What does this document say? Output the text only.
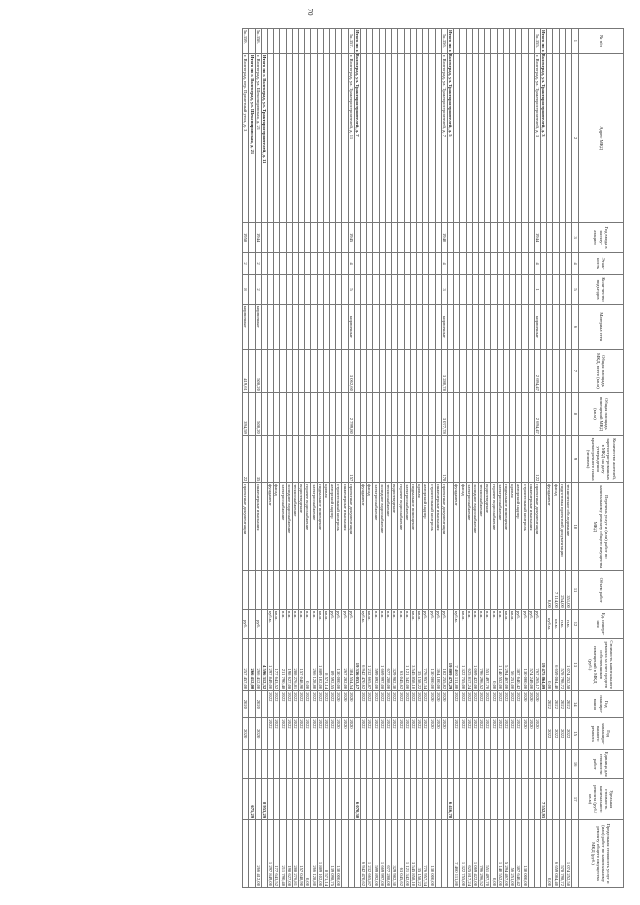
70
№ п/п	Адрес МКД	Год ввода в эксплу-атацию	Этаж-ность	Коли-чество подъездов	Материал стен	Общая площадь МКД, всего (кв.м)	Общая площадь помещений МКД (кв.м)	Количество жителей, зарегистри-рованных в МКД на дату утверждения краткосрочного плана (человек)	Перечень услуг и (или) работ по капитальному ремонту общего имущества МКД	Объем работ	Ед. измере-ния	Стоимость капитального ремонта за счет средств собственников помещений в МКД (руб.)	Год планиро-вания	Год запланиро-ванного ремонта	Единица для стоимости работ	Удельная стоимость капитального ремонта (руб./кв.м)	Предельная стоимость услуг и (или) работ по капитальному ремонту общего имущества МКД (руб.)
1	2	3	4	5	6	7	8	9	10	11	12	13	14	15	16	17	
									техническое обследование	351,00	п.м.	1 074 252,58	2022	2022			1 074 252,58
									подготовка проектной документации	254,00	п.м.	578 798,72	2022	2022			578 798,72
									фасад	7 114,00	кв.м.	6 659 084,40	2022	2022			6 659 084,40
									фундамент	0,00	куб.м.	0,00	2022	2022			0,00
Итого по г. Волгоград, ул. Тракторостроителей, д. 3												19 475 864,09				7 552,93	
5к.355.	г. Волгоград, ул. Тракторостроителей, д. 3	1944	4	1	кирпичные	2 694,47	2 694,47	122	проектные документации		руб.	767 265,17	2020	2020			
									инженерные изыскания		руб.	574 249,00	2020	2020			
									строительный контроль		руб.	130 000,00	2020	2020			130 000,00
									авторский надзор		руб.	387 640,42	2022	2022			387 640,42
									кровля		кв.м.	56 251,00	2022	2022			56 251,00
									подвальное помещение		кв.м.	5 294 467,00	2022	2022			5 294 467,00
									электроснабжение		п.м.	1 140 552,00	2022	2022			1 140 552,00
									горячее водоснабжение		п.м.	0,00	2022	2022			0,00
									водоотведение		п.м.	551 497,70	2022	2022			551 497,70
									теплоснабжение		п.м.	796 296,52	2022	2022			796 296,52
									холодное водоснабжение		п.м.	1 069 422,00	2022	2022			1 069 422,00
									электроснабжение		п.м.	625 817,24	2022	2022			625 817,24
									фасад		кв.м.	1 322 755,00	2022	2022			1 322 755,00
									фундамент		куб.м.	7 460 111,80	2022	2022			7 460 111,80
Итого по г. Волгоград, ул. Тракторостроителей, д. 5												19 809 473,29				6 416,78	
5к.356.	г. Волгоград, ул. Тракторостроителей, д. 7	1940	4	3	кирпичные	3 280,78	3 077,78	178	проектные документации		руб.	182 255,82	2020	2020			
									инженерные изыскания		руб.	364 100,00	2020	2020			
									строительный контроль		руб.	130 000,00	2020	2020			130 000,00
									авторский надзор		руб.	776 957,34	2022	2022			776 957,34
									кровля		кв.м.	35 158,22	2022	2022			35 158,22
									подвальное помещение		кв.м.	3 545 858,10	2022	2022			3 545 858,10
									электроснабжение		п.м.	1 121 342,00	2022	2022			1 121 342,00
									горячее водоснабжение		п.м.	63 045,62	2022	2022			63 045,62
									водоотведение		п.м.	329 982,30	2022	2022			329 982,30
									теплоснабжение		п.м.	677 288,00	2022	2022			677 288,00
									холодное водоснабжение		п.м.	1 669 997,08	2022	2022			1 669 997,08
									электроснабжение		п.м.	599 892,00	2022	2022			599 892,00
									фасад		кв.м.	1 232 665,87	2022	2022			1 232 665,87
									фундамент		куб.м.	6 942 470,62	2022	2022			6 942 470,62
Итого по г. Волгоград, ул. Тракторостроителей, д. 7												19 336 053,17				6 070,30	
5к.357.	г. Волгоград, ул. Тракторостроителей, д. 11	1945	4	5	кирпичные	3 062,60	2 799,80	157	проектные документации		руб.	304 554,54	2020	2020			
									инженерные изыскания		руб.	267 282,00	2020	2020			
									строительный контроль		руб.	130 000,00	2020	2020			130 000,00
									авторский надзор		руб.	89 592,55	2022	2022			139 098,75
									кровля		кв.м.	8 571,14	2022	2022			8 571,14
									подвальное помещение		кв.м.	1 889 102,00	2022	2022			1 889 102,00
									электроснабжение		п.м.	266 128,80	2022	2022			266 128,80
									горячее водоснабжение		п.м.	0,00	2022	2022			0,00
									водоотведение		п.м.	157 048,90	2022	2022			157 048,90
									теплоснабжение		п.м.	288 276,81	2022	2022			288 276,81
									холодное водоснабжение		п.м.	198 627,08	2022	2022			198 627,08
									электроснабжение		п.м.	211 790,48	2022	2022			211 790,48
									фасад		кв.м.	177 643,52	2022	2022			177 643,52
									фундамент		куб.м.	1 297 849,00	2022	2022			1 297 849,00
	Итого по г. Волгоград, ул. Тракторостроителей, д. 11											4 596 312,32				8 953,29	
5к.358.	г. Волгоград, ул. Шекспировская, д. 21	1944	2	2	кирпичные	508,20	508,20	35	инженерные изыскания		руб.	266 412,00	2020	2020			266 412,00
	Итого по г. Волгоград, ул. Шекспировская, д. 21											266 412,00				675,29	
5к.359.	г. Волгоград, пер. Пролетный угол, д. 3	1958	2	8	кирпичные	419,61	394,59	22	проектные документации		руб.	257 457,00	2020	2020			
